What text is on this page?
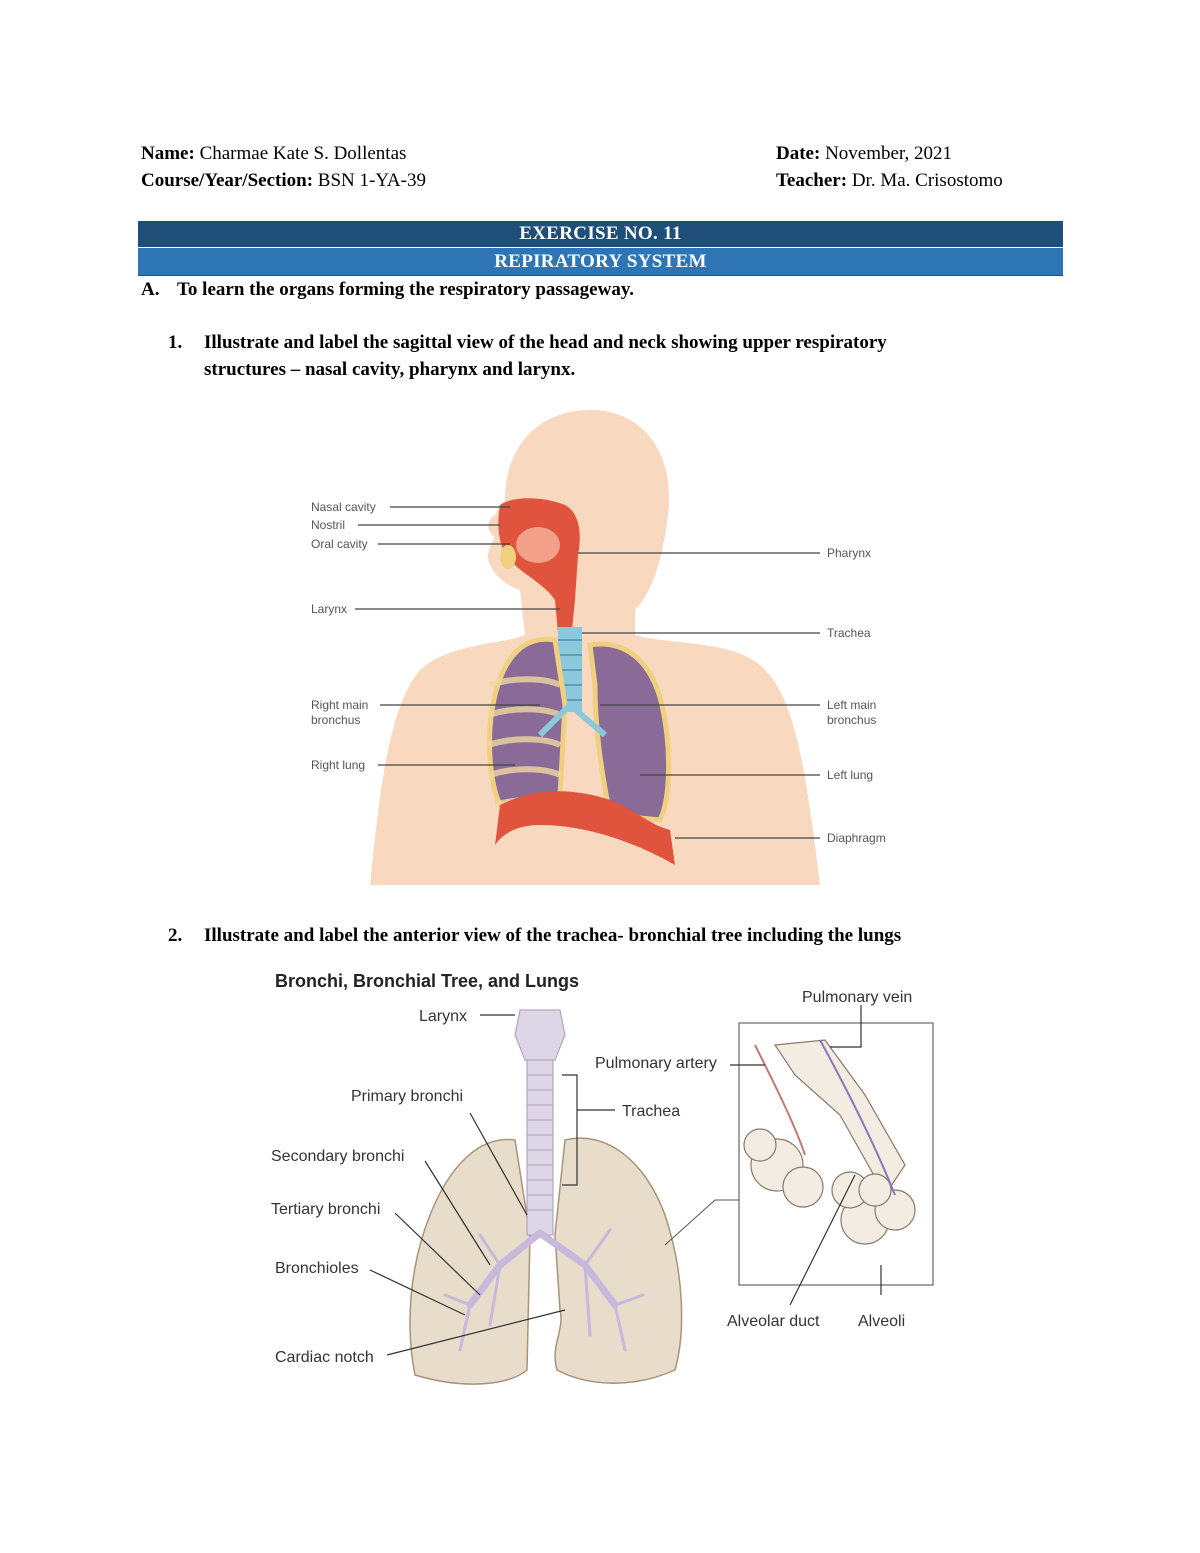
Name: Charmae Kate S. Dollentas
Course/Year/Section: BSN 1-YA-39
Date: November, 2021
Teacher: Dr. Ma. Crisostomo
EXERCISE NO. 11
REPIRATORY SYSTEM
A. To learn the organs forming the respiratory passageway.
1. Illustrate and label the sagittal view of the head and neck showing upper respiratory
structures – nasal cavity, pharynx and larynx.
Nasal cavity
Nostril
Oral cavity
Larynx
Right main
bronchus
Right lung
Pharynx
Trachea
Left main
bronchus
Left lung
Diaphragm
2. Illustrate and label the anterior view of the trachea- bronchial tree including the lungs
Bronchi, Bronchial Tree, and Lungs
Larynx
Primary bronchi
Secondary bronchi
Tertiary bronchi
Bronchioles
Cardiac notch
Pulmonary artery
Trachea
Pulmonary vein
Alveolar duct Alveoli
